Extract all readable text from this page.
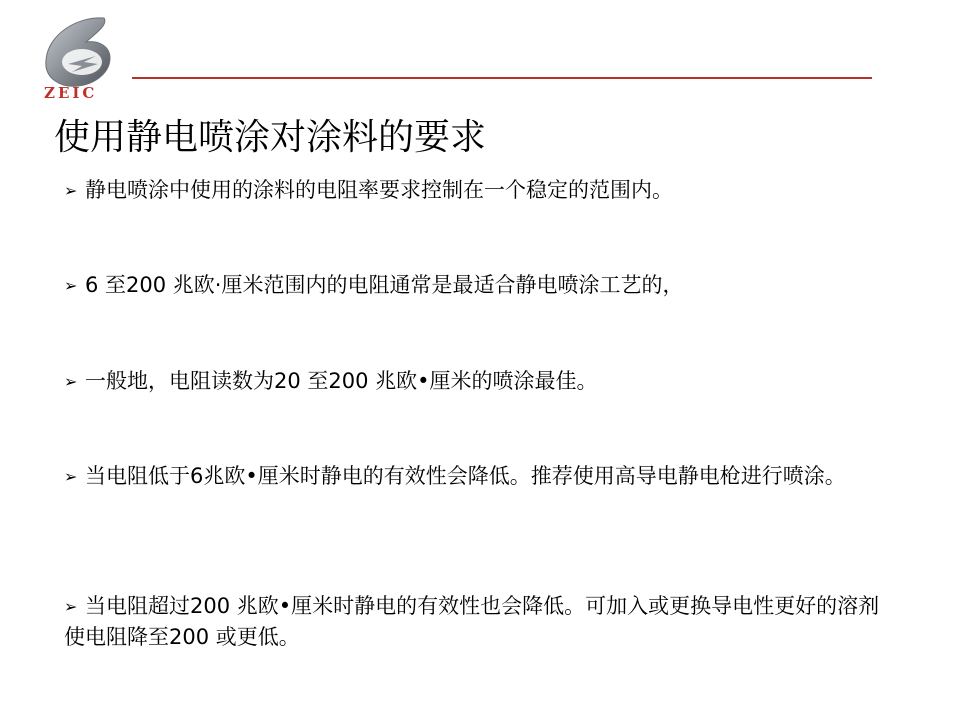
ZEIC
使用静电喷涂对涂料的要求
➢ 静电喷涂中使用的涂料的电阻率要求控制在一个稳定的范围内。
➢ 6 至200 兆欧·厘米范围内的电阻通常是最适合静电喷涂工艺的，
➢ 一般地，电阻读数为20 至200 兆欧•厘米的喷涂最佳。
➢ 当电阻低于6兆欧•厘米时静电的有效性会降低。推荐使用高导电静电枪进行喷涂。
➢ 当电阻超过200 兆欧•厘米时静电的有效性也会降低。可加入或更换导电性更好的溶剂使电阻降至200 或更低。
